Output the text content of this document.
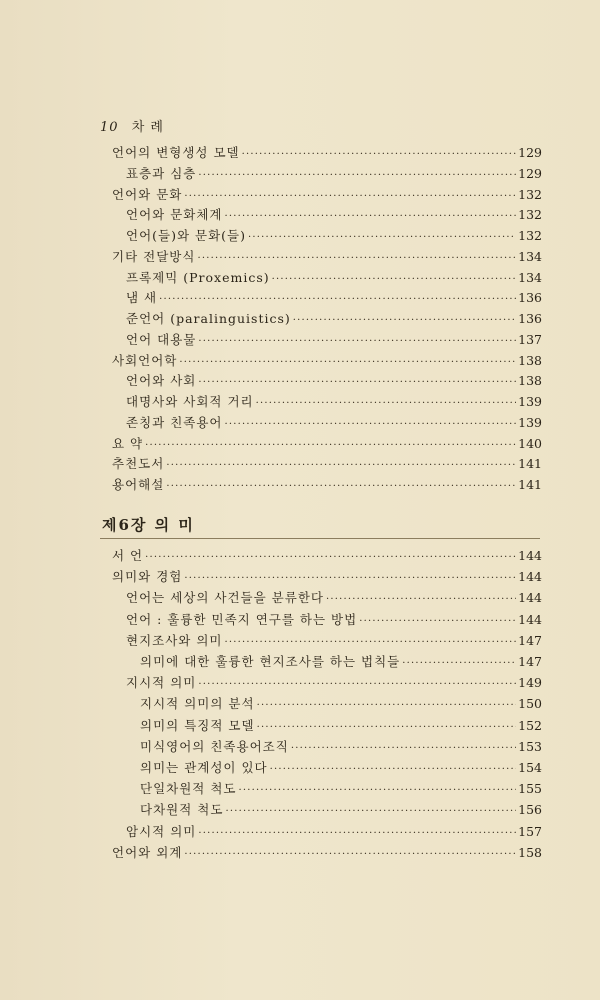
10 차 례
언어의 변형생성 모델 ·····	129
표층과 심층 ·····	129
언어와 문화 ·····	132
언어와 문화체계 ·····	132
언어(들)와 문화(들) ·····	132
기타 전달방식 ·····	134
프록제믹 (Proxemics) ·····	134
냄 새 ·····	136
준언어 (paralinguistics) ·····	136
언어 대용물 ·····	137
사회언어학 ·····	138
언어와 사회 ·····	138
대명사와 사회적 거리 ·····	139
존칭과 친족용어 ·····	139
요 약 ·····	140
추천도서 ·····	141
용어해설 ·····	141
제6장 의 미
서 언 ·····	144
의미와 경험 ·····	144
언어는 세상의 사건들을 분류한다 ·····	144
언어 : 훌륭한 민족지 연구를 하는 방법 ·····	144
현지조사와 의미 ·····	147
의미에 대한 훌륭한 현지조사를 하는 법칙들 ·····	147
지시적 의미 ·····	149
지시적 의미의 분석 ·····	150
의미의 특징적 모델 ·····	152
미식영어의 친족용어조직 ·····	153
의미는 관계성이 있다 ·····	154
단일차원적 척도 ·····	155
다차원적 척도 ·····	156
암시적 의미 ·····	157
언어와 외계 ·····	158
